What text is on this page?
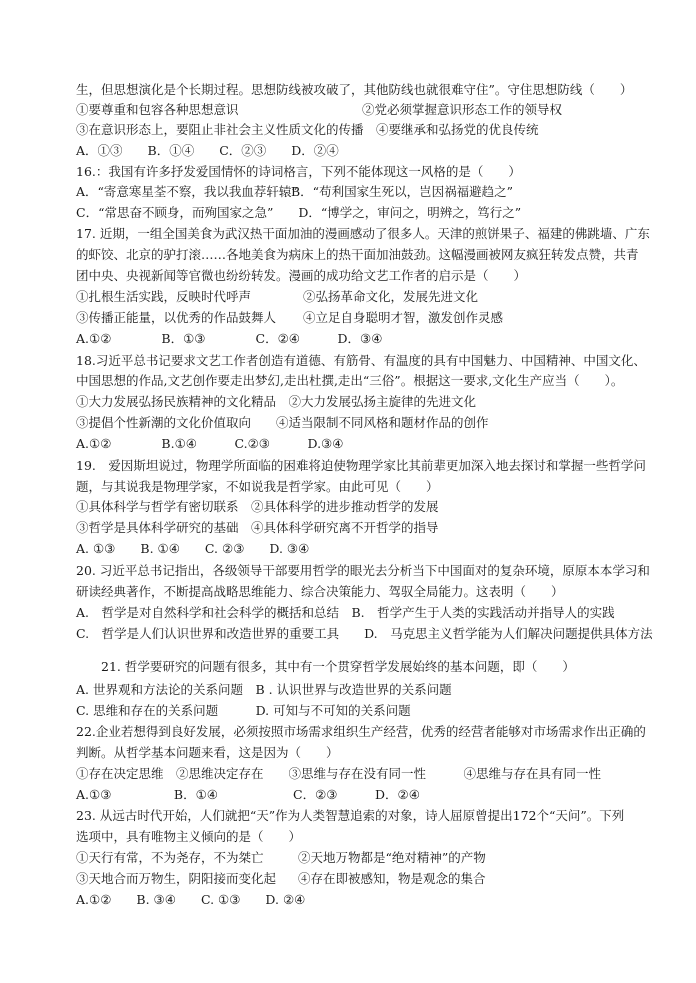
生，但思想演化是个长期过程。思想防线被攻破了，其他防线也就很难守住”。守住思想防线（　　）
①要尊重和包容各种思想意识	②党必须掌握意识形态工作的领导权
③在意识形态上，要阻止非社会主义性质文化的传播　④要继承和弘扬党的优良传统
A．①③　　B．①④　　C．②③　　D．②④
16.：我国有许多抒发爱国情怀的诗词格言，下列不能体现这一风格的是（　　）
A．“寄意寒星荃不察，我以我血荐轩辕”
B．“苟利国家生死以，岂因祸福避趋之”
C．“常思奋不顾身，而殉国家之急”　　D．“博学之，审问之，明辨之，笃行之”
17. 近期，一组全国美食为武汉热干面加油的漫画感动了很多人。天津的煎饼果子、福建的佛跳墙、广东
的虾饺、北京的驴打滚……各地美食为病床上的热干面加油鼓劲。这幅漫画被网友疯狂转发点赞，共青
团中央、央视新闻等官微也纷纷转发。漫画的成功给文艺工作者的启示是（　　）
①扎根生活实践，反映时代呼声	②弘扬革命文化，发展先进文化
③传播正能量，以优秀的作品鼓舞人 ④立足自身聪明才智，激发创作灵感
A.①②　　　　B．①③　　　　C．②④　　　D．③④
18.习近平总书记要求文艺工作者创造有道德、有筋骨、有温度的具有中国魅力、中国精神、中国文化、
中国思想的作品,文艺创作要走出梦幻,走出杜撰,走出“三俗”。根据这一要求,文化生产应当（　　）。
①大力发展弘扬民族精神的文化精品　②大力发展弘扬主旋律的先进文化
③提倡个性新潮的文化价值取向　　④适当限制不同风格和题材作品的创作
A.①②　　　　B.①④　　　C.②③　　　D.③④
19.　爱因斯坦说过，物理学所面临的困难将迫使物理学家比其前辈更加深入地去探讨和掌握一些哲学问
题，与其说我是物理学家，不如说我是哲学家。由此可见（　　）
①具体科学与哲学有密切联系　②具体科学的进步推动哲学的发展
③哲学是具体科学研究的基础　④具体科学研究离不开哲学的指导
A. ①③　　B. ①④　　C. ②③　　D. ③④
20. 习近平总书记指出，各级领导干部要用哲学的眼光去分析当下中国面对的复杂环境，原原本本学习和
研读经典著作，不断提高战略思维能力、综合决策能力、驾驭全局能力。这表明（　　）
A.　哲学是对自然科学和社会科学的概括和总结　B.　哲学产生于人类的实践活动并指导人的实践
C.　哲学是人们认识世界和改造世界的重要工具　　D.　马克思主义哲学能为人们解决问题提供具体方法
21. 哲学要研究的问题有很多，其中有一个贯穿哲学发展始终的基本问题，即（　　）
A. 世界观和方法论的关系问题　B . 认识世界与改造世界的关系问题
C. 思维和存在的关系问题　　　D. 可知与不可知的关系问题
22.企业若想得到良好发展，必须按照市场需求组织生产经营，优秀的经营者能够对市场需求作出正确的
判断。从哲学基本问题来看，这是因为（　　）
①存在决定思维　②思维决定存在　　③思维与存在没有同一性　　　④思维与存在具有同一性
A.①③　　　　　B．①④　　　　　　C．②③　　　D．②④
23. 从远古时代开始，人们就把“天”作为人类智慧追索的对象，诗人屈原曾提出172个“天问”。下列
选项中，具有唯物主义倾向的是（　　）
①天行有常，不为尧存，不为桀亡	②天地万物都是“绝对精神”的产物
③天地合而万物生，阴阳接而变化起 ④存在即被感知，物是观念的集合
A.①②　　B. ③④　　C. ①③　　D. ②④
